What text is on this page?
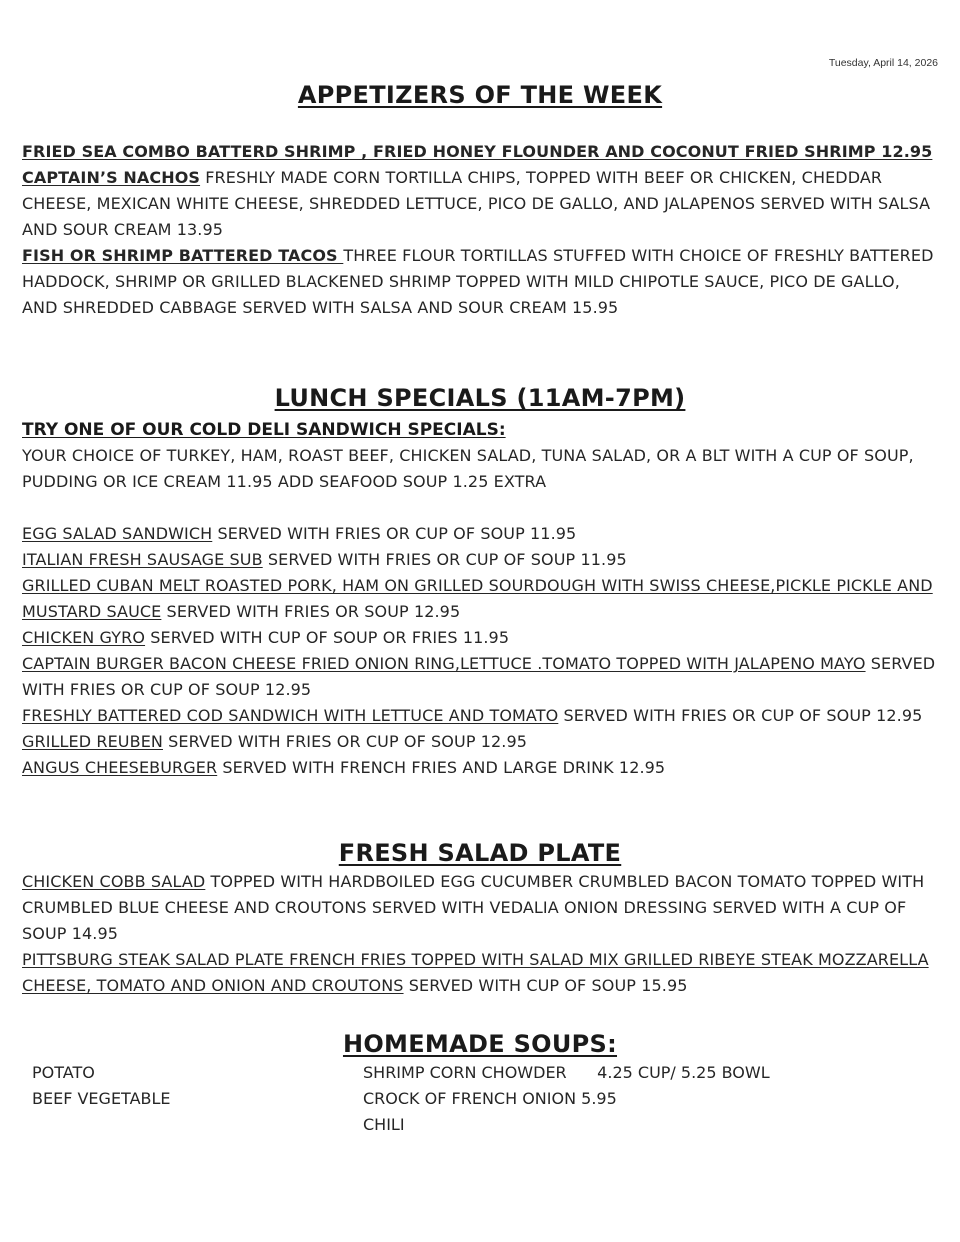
Tuesday, April 14, 2026
APPETIZERS OF THE WEEK

FRIED SEA COMBO BATTERD SHRIMP , FRIED HONEY FLOUNDER AND COCONUT FRIED SHRIMP 12.95

CAPTAIN’S NACHOS FRESHLY MADE CORN TORTILLA CHIPS, TOPPED WITH BEEF OR CHICKEN, CHEDDAR CHEESE, MEXICAN WHITE CHEESE, SHREDDED LETTUCE, PICO DE GALLO, AND JALAPENOS SERVED WITH SALSA AND SOUR CREAM 13.95

FISH OR SHRIMP BATTERED TACOS THREE FLOUR TORTILLAS STUFFED WITH CHOICE OF FRESHLY BATTERED HADDOCK, SHRIMP OR GRILLED BLACKENED SHRIMP TOPPED WITH MILD CHIPOTLE SAUCE, PICO DE GALLO, AND SHREDDED CABBAGE SERVED WITH SALSA AND SOUR CREAM 15.95

LUNCH SPECIALS (11AM-7PM)

TRY ONE OF OUR COLD DELI SANDWICH SPECIALS:

YOUR CHOICE OF TURKEY, HAM, ROAST BEEF, CHICKEN SALAD, TUNA SALAD, OR A BLT WITH A CUP OF SOUP, PUDDING OR ICE CREAM 11.95 ADD SEAFOOD SOUP 1.25 EXTRA

EGG SALAD SANDWICH SERVED WITH FRIES OR CUP OF SOUP 11.95

ITALIAN FRESH SAUSAGE SUB SERVED WITH FRIES OR CUP OF SOUP 11.95

GRILLED CUBAN MELT ROASTED PORK, HAM ON GRILLED SOURDOUGH WITH SWISS CHEESE,PICKLE PICKLE AND MUSTARD SAUCE SERVED WITH FRIES OR SOUP 12.95

CHICKEN GYRO SERVED WITH CUP OF SOUP OR FRIES 11.95

CAPTAIN BURGER BACON CHEESE FRIED ONION RING,LETTUCE .TOMATO TOPPED WITH JALAPENO MAYO SERVED WITH FRIES OR CUP OF SOUP 12.95

FRESHLY BATTERED COD SANDWICH WITH LETTUCE AND TOMATO SERVED WITH FRIES OR CUP OF SOUP 12.95

GRILLED REUBEN SERVED WITH FRIES OR CUP OF SOUP 12.95

ANGUS CHEESEBURGER SERVED WITH FRENCH FRIES AND LARGE DRINK 12.95

FRESH SALAD PLATE

CHICKEN COBB SALAD TOPPED WITH HARDBOILED EGG CUCUMBER CRUMBLED BACON TOMATO TOPPED WITH CRUMBLED BLUE CHEESE AND CROUTONS SERVED WITH VEDALIA ONION DRESSING SERVED WITH A CUP OF SOUP 14.95

PITTSBURG STEAK SALAD PLATE FRENCH FRIES TOPPED WITH SALAD MIX GRILLED RIBEYE STEAK MOZZARELLA CHEESE, TOMATO AND ONION AND CROUTONS SERVED WITH CUP OF SOUP 15.95

HOMEMADE SOUPS:
POTATO	SHRIMP CORN CHOWDER      4.25 CUP/ 5.25 BOWL
BEEF VEGETABLE	CROCK OF FRENCH ONION 5.95
CHILI
